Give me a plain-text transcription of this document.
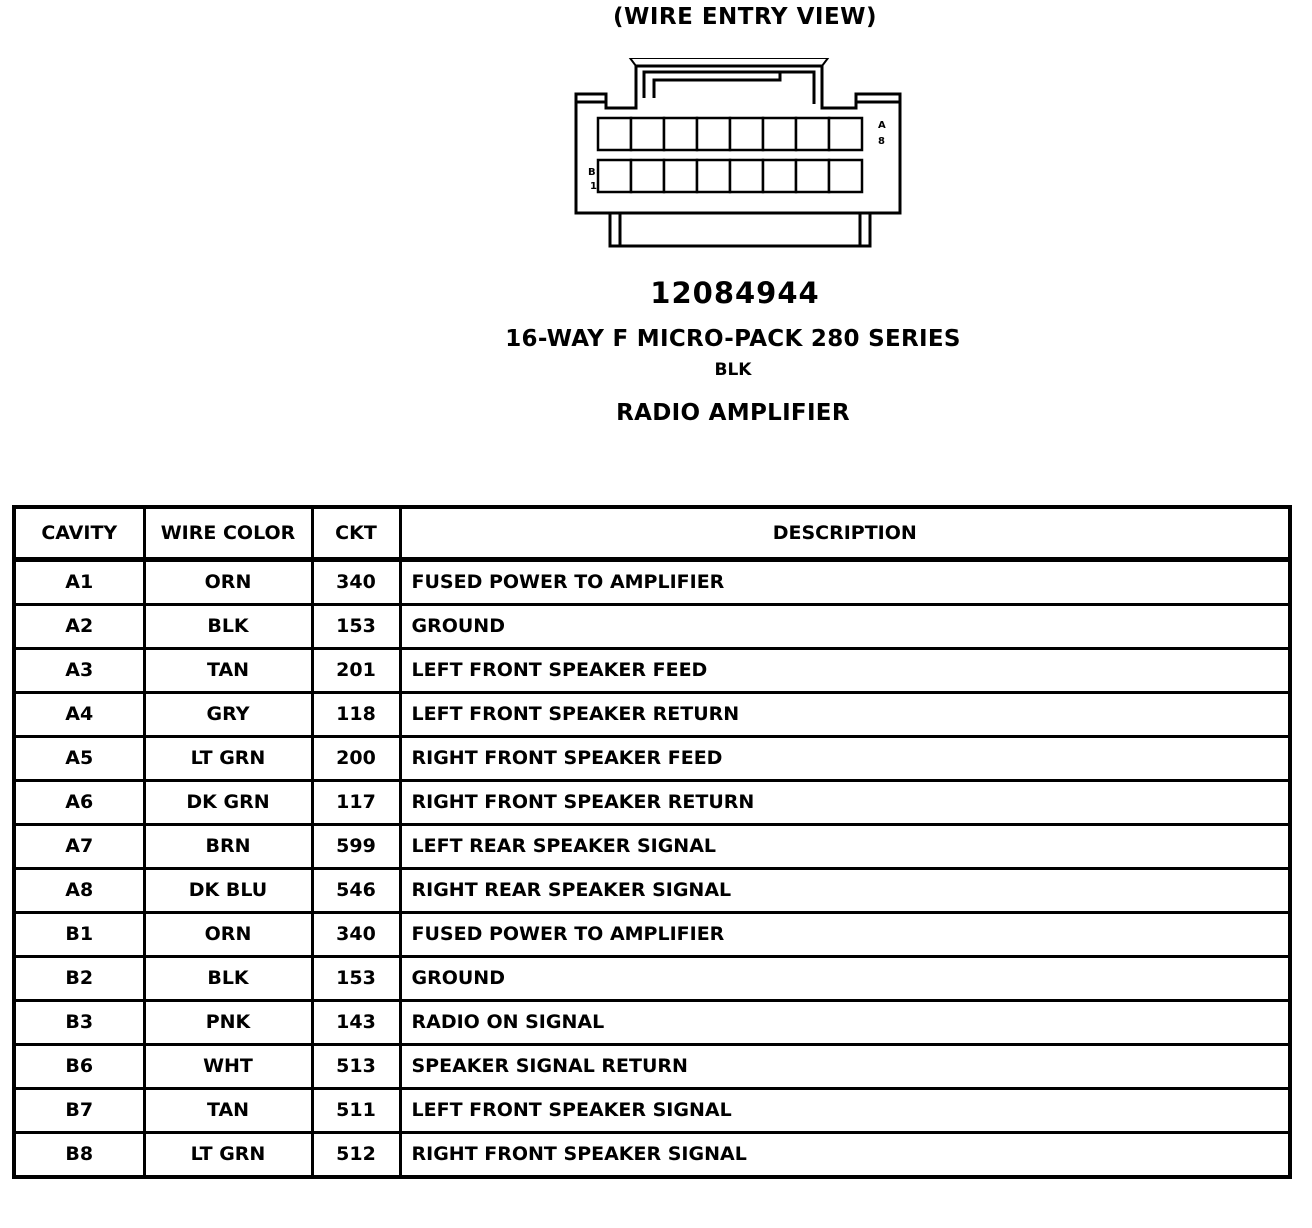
(WIRE ENTRY VIEW)
A
8
B
1
12084944
16-WAY F MICRO-PACK 280 SERIES
BLK
RADIO AMPLIFIER
CAVITY	WIRE COLOR	CKT	DESCRIPTION
A1	ORN	340	FUSED POWER TO AMPLIFIER
A2	BLK	153	GROUND
A3	TAN	201	LEFT FRONT SPEAKER FEED
A4	GRY	118	LEFT FRONT SPEAKER RETURN
A5	LT GRN	200	RIGHT FRONT SPEAKER FEED
A6	DK GRN	117	RIGHT FRONT SPEAKER RETURN
A7	BRN	599	LEFT REAR SPEAKER SIGNAL
A8	DK BLU	546	RIGHT REAR SPEAKER SIGNAL
B1	ORN	340	FUSED POWER TO AMPLIFIER
B2	BLK	153	GROUND
B3	PNK	143	RADIO ON SIGNAL
B6	WHT	513	SPEAKER SIGNAL RETURN
B7	TAN	511	LEFT FRONT SPEAKER SIGNAL
B8	LT GRN	512	RIGHT FRONT SPEAKER SIGNAL
